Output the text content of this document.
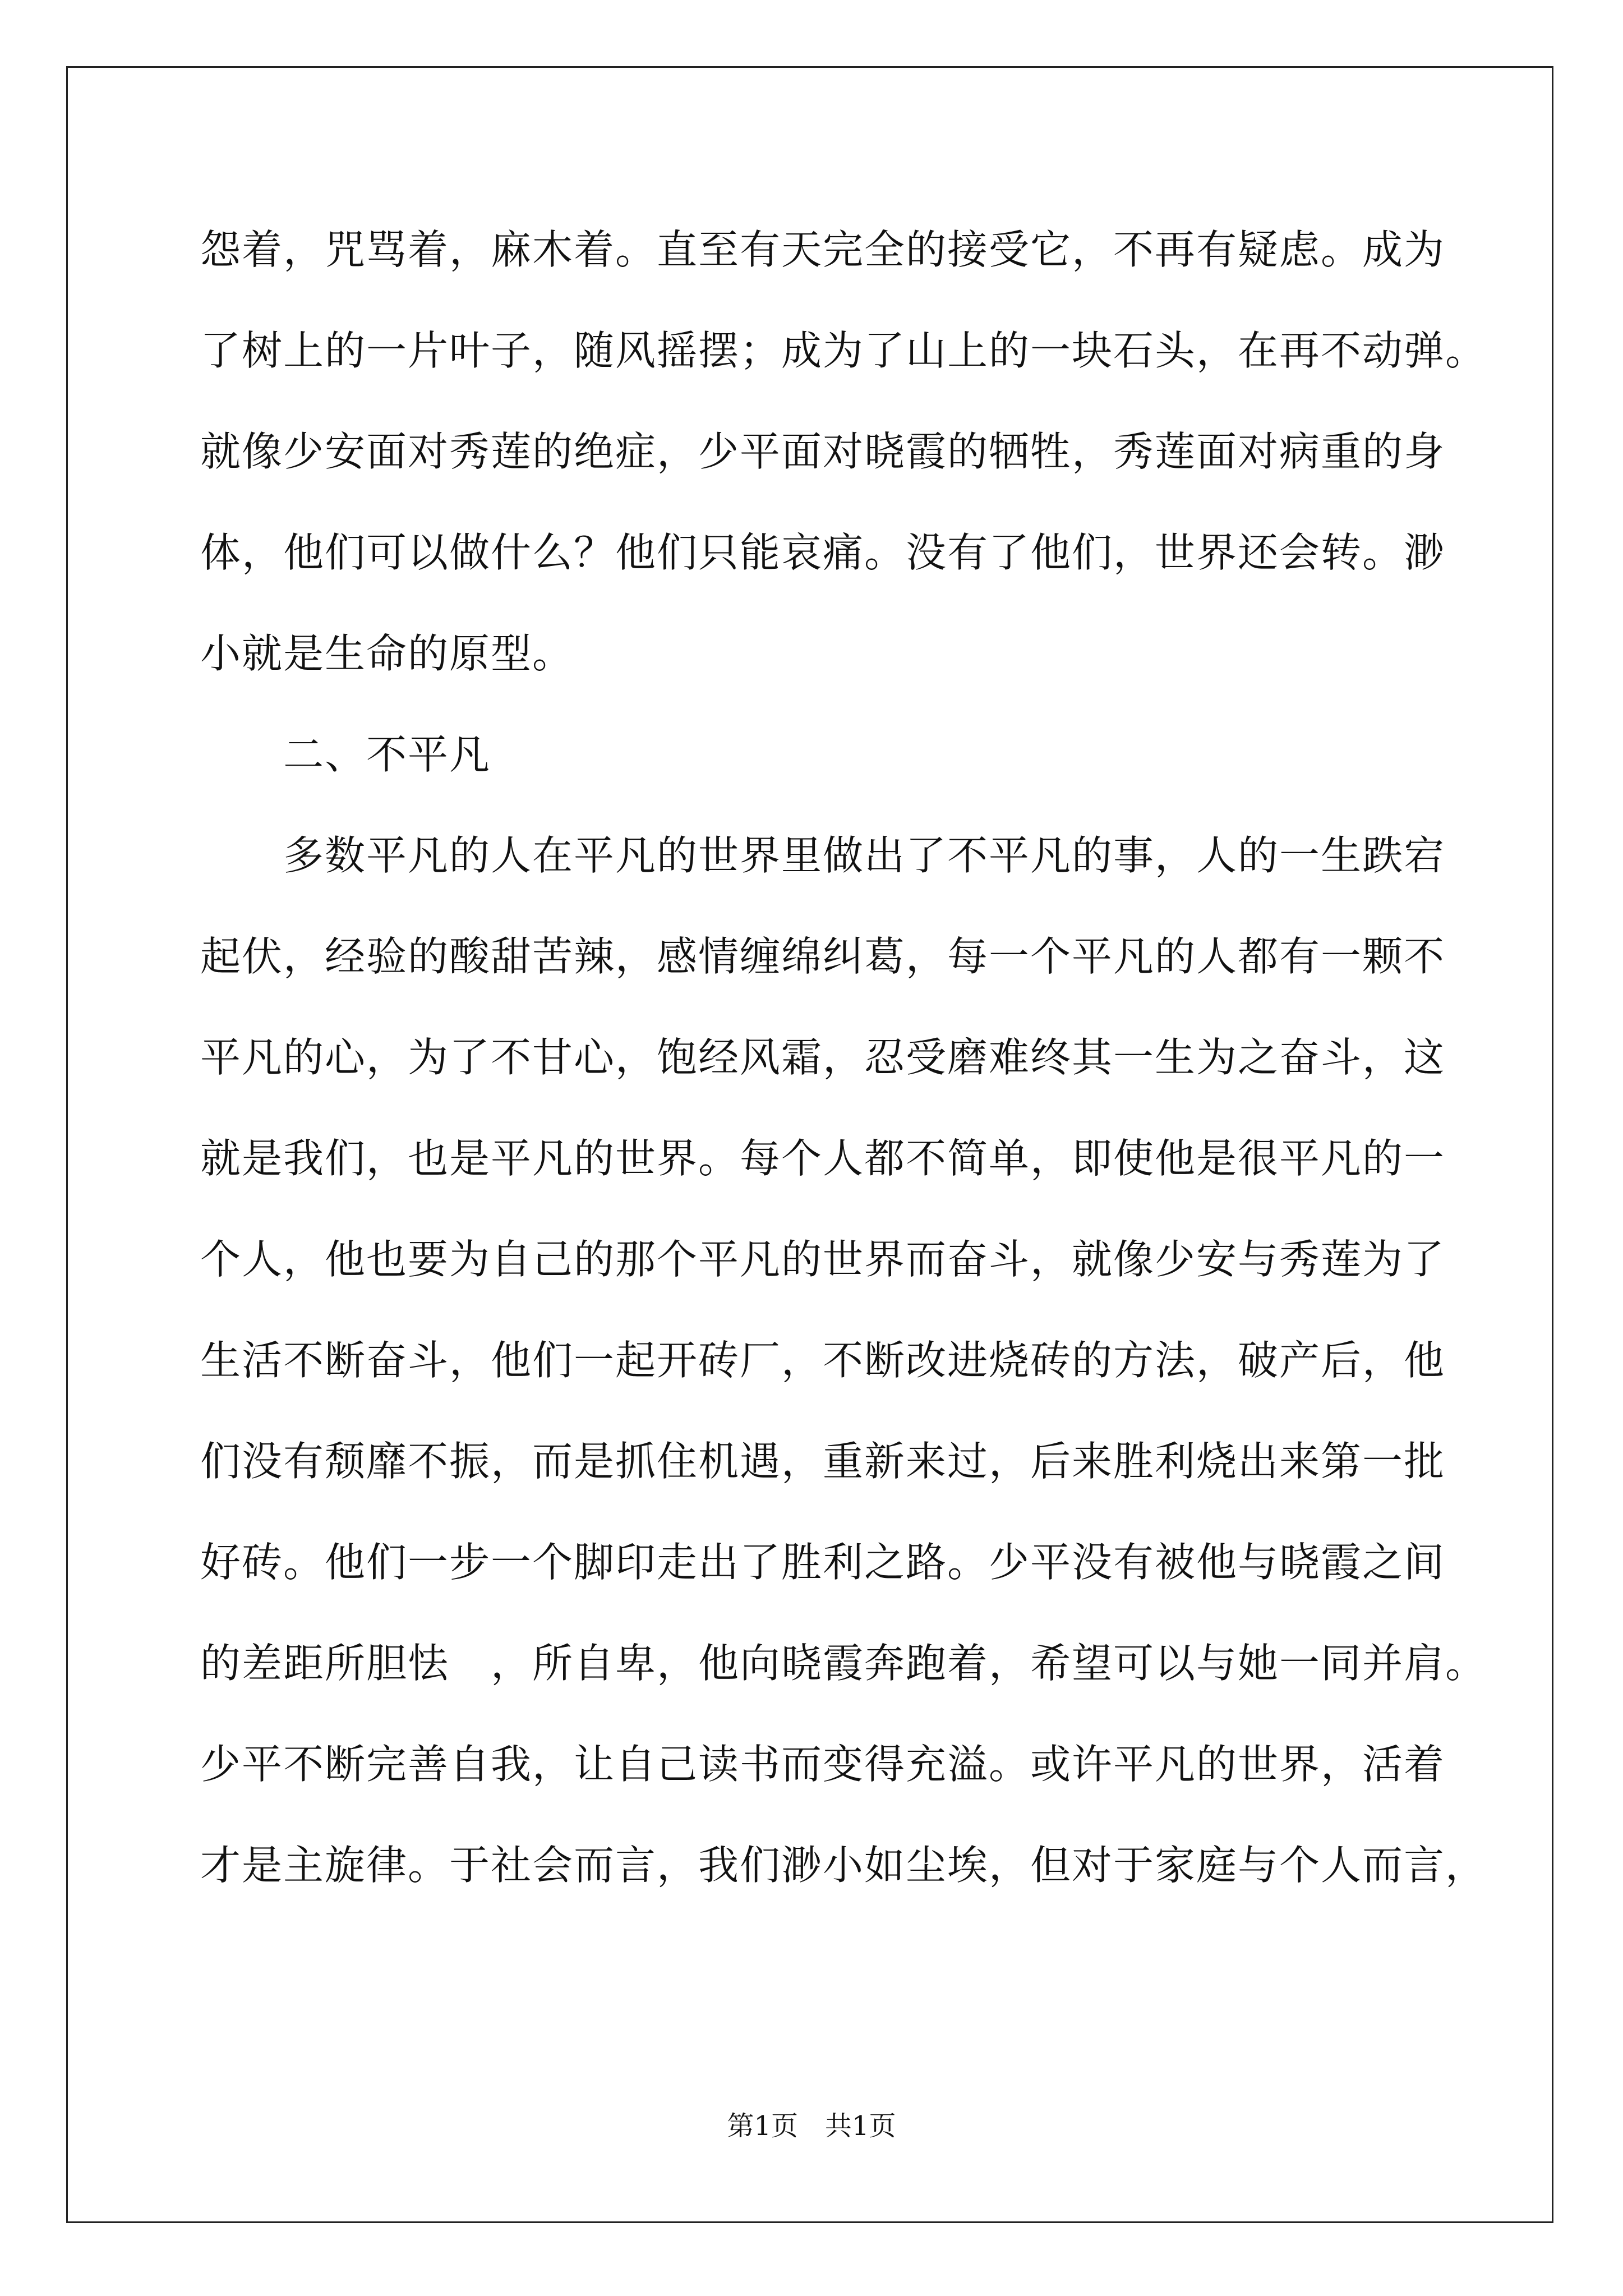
怨着，咒骂着，麻木着。直至有天完全的接受它，不再有疑虑。成为
了树上的一片叶子，随风摇摆；成为了山上的一块石头，在再不动弹。
就像少安面对秀莲的绝症，少平面对晓霞的牺牲，秀莲面对病重的身
体，他们可以做什么？他们只能哀痛。没有了他们，世界还会转。渺
小就是生命的原型。
　　二、不平凡
　　多数平凡的人在平凡的世界里做出了不平凡的事，人的一生跌宕
起伏，经验的酸甜苦辣，感情缠绵纠葛，每一个平凡的人都有一颗不
平凡的心，为了不甘心，饱经风霜，忍受磨难终其一生为之奋斗，这
就是我们，也是平凡的世界。每个人都不简单，即使他是很平凡的一
个人，他也要为自己的那个平凡的世界而奋斗，就像少安与秀莲为了
生活不断奋斗，他们一起开砖厂，不断改进烧砖的方法，破产后，他
们没有颓靡不振，而是抓住机遇，重新来过，后来胜利烧出来第一批
好砖。他们一步一个脚印走出了胜利之路。少平没有被他与晓霞之间
的差距所胆怯　，所自卑，他向晓霞奔跑着，希望可以与她一同并肩。
少平不断完善自我，让自己读书而变得充溢。或许平凡的世界，活着
才是主旋律。于社会而言，我们渺小如尘埃，但对于家庭与个人而言，
第1页　共1页
